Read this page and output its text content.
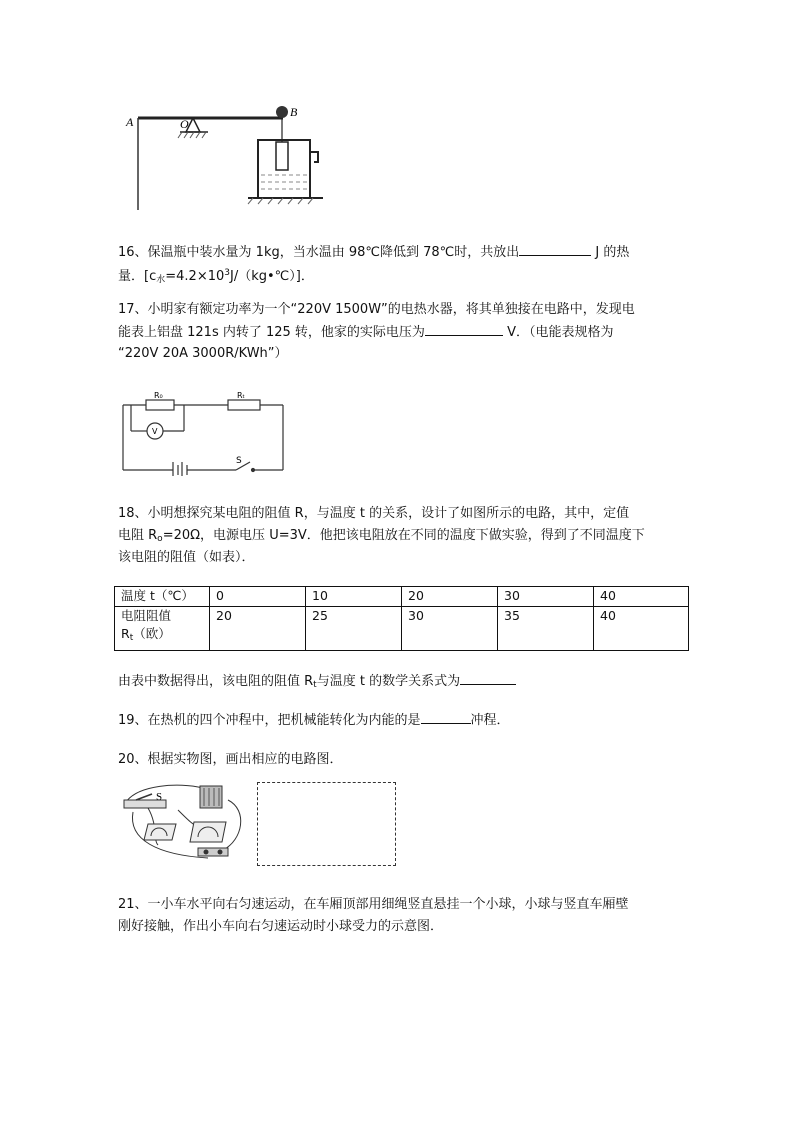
A	O
B
16、保温瓶中装水量为 1kg，当水温由 98℃降低到 78℃时，共放出	J 的热
量．$[c_水=4.2\times 10^3J/(kg•℃)]$．
17、小明家有额定功率为一个“220V 1500W”的电热水器，将其单独接在电路中，发现电
能表上铝盘 121s 内转了 125 转，他家的实际电压为	V．（电能表规格为
“220V 20A 3000R/KWh”）
R₀	Rₜ
V
S
18、小明想探究某电阻的阻值 R，与温度 t 的关系，设计了如图所示的电路，其中，定值
电阻 $R_o=20\Omega$，电源电压 U=3V．他把该电阻放在不同的温度下做实验，得到了不同温度下
该电阻的阻值（如表）．
温度 t（℃）	0	10	20	30	40
电阻阻值
$R_t$（欧）	20	25	30	35	40
由表中数据得出，该电阻的阻值 $R_t$与温度 t 的数学关系式为
19、在热机的四个冲程中，把机械能转化为内能的是	冲程．
20、根据实物图，画出相应的电路图．
S
21、一小车水平向右匀速运动，在车厢顶部用细绳竖直悬挂一个小球，小球与竖直车厢壁
刚好接触，作出小车向右匀速运动时小球受力的示意图．
